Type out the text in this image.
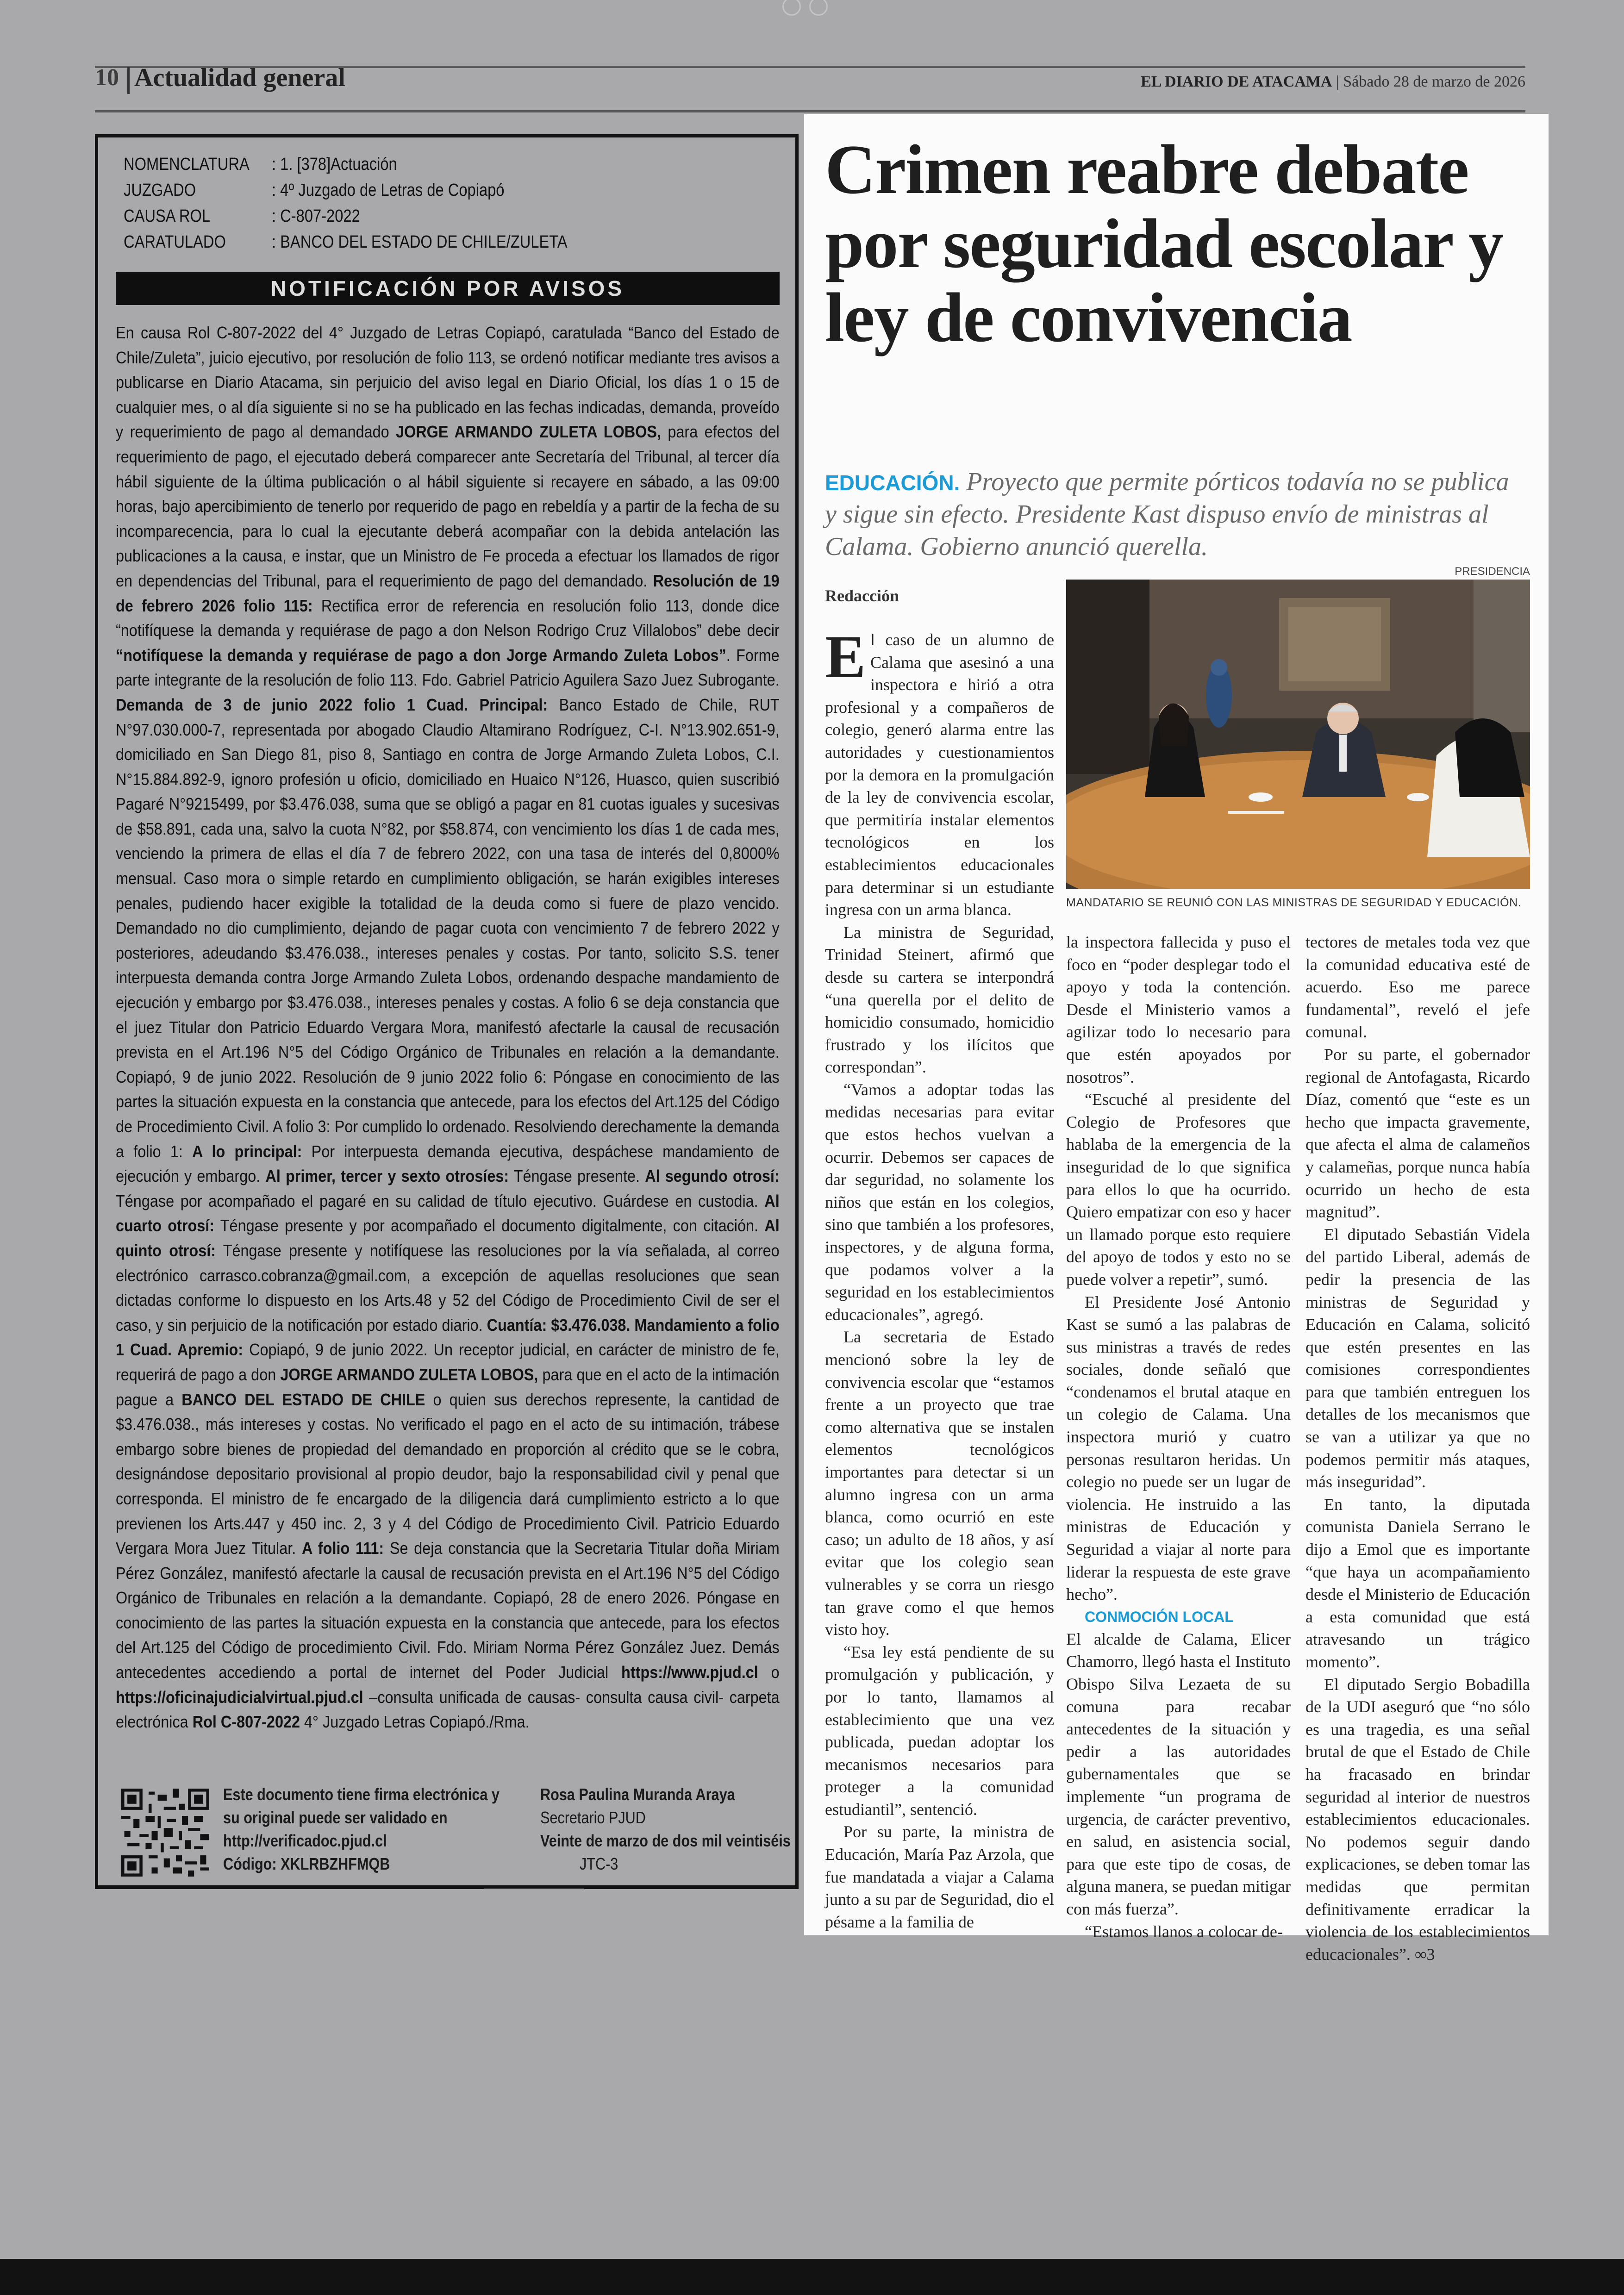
10 Actualidad general	EL DIARIO DE ATACAMA | Sábado 28 de marzo de 2026
NOMENCLATURA : 1. [378]Actuación
JUZGADO	: 4º Juzgado de Letras de Copiapó
CAUSA ROL	: C-807-2022
CARATULADO	: BANCO DEL ESTADO DE CHILE/ZULETA
NOTIFICACIÓN POR AVISOS
En causa Rol C-807-2022 del 4° Juzgado de Letras Copiapó, caratulada “Banco del Estado de Chile/Zuleta”, juicio ejecutivo, por resolución de folio 113, se ordenó notificar mediante tres avisos a publicarse en Diario Atacama, sin perjuicio del aviso legal en Diario Oficial, los días 1 o 15 de cualquier mes, o al día siguiente si no se ha publicado en las fechas indicadas, demanda, proveído y requerimiento de pago al demandado JORGE ARMANDO ZULETA LOBOS, para efectos del requerimiento de pago, el ejecutado deberá comparecer ante Secretaría del Tribunal, al tercer día hábil siguiente de la última publicación o al hábil siguiente si recayere en sábado, a las 09:00 horas, bajo apercibimiento de tenerlo por requerido de pago en rebeldía y a partir de la fecha de su incomparecencia, para lo cual la ejecutante deberá acompañar con la debida antelación las publicaciones a la causa, e instar, que un Ministro de Fe proceda a efectuar los llamados de rigor en dependencias del Tribunal, para el requerimiento de pago del demandado. Resolución de 19 de febrero 2026 folio 115: Rectifica error de referencia en resolución folio 113, donde dice “notifíquese la demanda y requiérase de pago a don Nelson Rodrigo Cruz Villalobos” debe decir “notifíquese la demanda y requiérase de pago a don Jorge Armando Zuleta Lobos”. Forme parte integrante de la resolución de folio 113. Fdo. Gabriel Patricio Aguilera Sazo Juez Subrogante. Demanda de 3 de junio 2022 folio 1 Cuad. Principal: Banco Estado de Chile, RUT N°97.030.000-7, representada por abogado Claudio Altamirano Rodríguez, C-I. N°13.902.651-9, domiciliado en San Diego 81, piso 8, Santiago en contra de Jorge Armando Zuleta Lobos, C.I. N°15.884.892-9, ignoro profesión u oficio, domiciliado en Huaico N°126, Huasco, quien suscribió Pagaré N°9215499, por $3.476.038, suma que se obligó a pagar en 81 cuotas iguales y sucesivas de $58.891, cada una, salvo la cuota N°82, por $58.874, con vencimiento los días 1 de cada mes, venciendo la primera de ellas el día 7 de febrero 2022, con una tasa de interés del 0,8000% mensual. Caso mora o simple retardo en cumplimiento obligación, se harán exigibles intereses penales, pudiendo hacer exigible la totalidad de la deuda como si fuere de plazo vencido. Demandado no dio cumplimiento, dejando de pagar cuota con vencimiento 7 de febrero 2022 y posteriores, adeudando $3.476.038., intereses penales y costas. Por tanto, solicito S.S. tener interpuesta demanda contra Jorge Armando Zuleta Lobos, ordenando despache mandamiento de ejecución y embargo por $3.476.038., intereses penales y costas. A folio 6 se deja constancia que el juez Titular don Patricio Eduardo Vergara Mora, manifestó afectarle la causal de recusación prevista en el Art.196 N°5 del Código Orgánico de Tribunales en relación a la demandante. Copiapó, 9 de junio 2022. Resolución de 9 junio 2022 folio 6: Póngase en conocimiento de las partes la situación expuesta en la constancia que antecede, para los efectos del Art.125 del Código de Procedimiento Civil. A folio 3: Por cumplido lo ordenado. Resolviendo derechamente la demanda a folio 1: A lo principal: Por interpuesta demanda ejecutiva, despáchese mandamiento de ejecución y embargo. Al primer, tercer y sexto otrosíes: Téngase presente. Al segundo otrosí: Téngase por acompañado el pagaré en su calidad de título ejecutivo. Guárdese en custodia. Al cuarto otrosí: Téngase presente y por acompañado el documento digitalmente, con citación. Al quinto otrosí: Téngase presente y notifíquese las resoluciones por la vía señalada, al correo electrónico carrasco.cobranza@gmail.com, a excepción de aquellas resoluciones que sean dictadas conforme lo dispuesto en los Arts.48 y 52 del Código de Procedimiento Civil de ser el caso, y sin perjuicio de la notificación por estado diario. Cuantía: $3.476.038. Mandamiento a folio 1 Cuad. Apremio: Copiapó, 9 de junio 2022. Un receptor judicial, en carácter de ministro de fe, requerirá de pago a don JORGE ARMANDO ZULETA LOBOS, para que en el acto de la intimación pague a BANCO DEL ESTADO DE CHILE o quien sus derechos represente, la cantidad de $3.476.038., más intereses y costas. No verificado el pago en el acto de su intimación, trábese embargo sobre bienes de propiedad del demandado en proporción al crédito que se le cobra, designándose depositario provisional al propio deudor, bajo la responsabilidad civil y penal que corresponda. El ministro de fe encargado de la diligencia dará cumplimiento estricto a lo que previenen los Arts.447 y 450 inc. 2, 3 y 4 del Código de Procedimiento Civil. Patricio Eduardo Vergara Mora Juez Titular. A folio 111: Se deja constancia que la Secretaria Titular doña Miriam Pérez González, manifestó afectarle la causal de recusación prevista en el Art.196 N°5 del Código Orgánico de Tribunales en relación a la demandante. Copiapó, 28 de enero 2026. Póngase en conocimiento de las partes la situación expuesta en la constancia que antecede, para los efectos del Art.125 del Código de procedimiento Civil. Fdo. Miriam Norma Pérez González Juez. Demás antecedentes accediendo a portal de internet del Poder Judicial https://www.pjud.cl o https://oficinajudicialvirtual.pjud.cl –consulta unificada de causas- consulta causa civil- carpeta electrónica Rol C-807-2022 4° Juzgado Letras Copiapó./Rma.
Este documento tiene firma electrónica y
su original puede ser validado en
http://verificadoc.pjud.cl
Código: XKLRBZHFMQB
Rosa Paulina Muranda Araya
Secretario PJUD
Veinte de marzo de dos mil veintiséis
JTC-3
Crimen reabre debate por seguridad escolar y ley de convivencia
EDUCACIÓN. Proyecto que permite pórticos todavía no se publica y sigue sin efecto. Presidente Kast dispuso envío de ministras al Calama. Gobierno anunció querella.
PRESIDENCIA
Redacción
MANDATARIO SE REUNIÓ CON LAS MINISTRAS DE SEGURIDAD Y EDUCACIÓN.

El caso de un alumno de Calama que asesinó a una inspectora e hirió a otra profesional y a compañeros de colegio, generó alarma entre las autoridades y cuestionamientos por la demora en la promulgación de la ley de convivencia escolar, que permitiría instalar elementos tecnológicos en los establecimientos educacionales para determinar si un estudiante ingresa con un arma blanca.

La ministra de Seguridad, Trinidad Steinert, afirmó que desde su cartera se interpondrá “una querella por el delito de homicidio consumado, homicidio frustrado y los ilícitos que correspondan”.

“Vamos a adoptar todas las medidas necesarias para evitar que estos hechos vuelvan a ocurrir. Debemos ser capaces de dar seguridad, no solamente los niños que están en los colegios, sino que también a los profesores, inspectores, y de alguna forma, que podamos volver a la seguridad en los establecimientos educacionales”, agregó.

La secretaria de Estado mencionó sobre la ley de convivencia escolar que “estamos frente a un proyecto que trae como alternativa que se instalen elementos tecnológicos importantes para detectar si un alumno ingresa con un arma blanca, como ocurrió en este caso; un adulto de 18 años, y así evitar que los colegio sean vulnerables y se corra un riesgo tan grave como el que hemos visto hoy.

“Esa ley está pendiente de su promulgación y publicación, y por lo tanto, llamamos al establecimiento que una vez publicada, puedan adoptar los mecanismos necesarios para proteger a la comunidad estudiantil”, sentenció.

Por su parte, la ministra de Educación, María Paz Arzola, que fue mandatada a viajar a Calama junto a su par de Seguridad, dio el pésame a la familia de

la inspectora fallecida y puso el foco en “poder desplegar todo el apoyo y toda la contención. Desde el Ministerio vamos a agilizar todo lo necesario para que estén apoyados por nosotros”.

“Escuché al presidente del Colegio de Profesores que hablaba de la emergencia de la inseguridad de lo que significa para ellos lo que ha ocurrido. Quiero empatizar con eso y hacer un llamado porque esto requiere del apoyo de todos y esto no se puede volver a repetir”, sumó.

El Presidente José Antonio Kast se sumó a las palabras de sus ministras a través de redes sociales, donde señaló que “condenamos el brutal ataque en un colegio de Calama. Una inspectora murió y cuatro personas resultaron heridas. Un colegio no puede ser un lugar de violencia. He instruido a las ministras de Educación y Seguridad a viajar al norte para liderar la respuesta de este grave hecho”.

CONMOCIÓN LOCAL

El alcalde de Calama, Elicer Chamorro, llegó hasta el Instituto Obispo Silva Lezaeta de su comuna para recabar antecedentes de la situación y pedir a las autoridades gubernamentales que se implemente “un programa de urgencia, de carácter preventivo, en salud, en asistencia social, para que este tipo de cosas, de alguna manera, se puedan mitigar con más fuerza”.

“Estamos llanos a colocar de-

tectores de metales toda vez que la comunidad educativa esté de acuerdo. Eso me parece fundamental”, reveló el jefe comunal.

Por su parte, el gobernador regional de Antofagasta, Ricardo Díaz, comentó que “este es un hecho que impacta gravemente, que afecta el alma de calameños y calameñas, porque nunca había ocurrido un hecho de esta magnitud”.

El diputado Sebastián Videla del partido Liberal, además de pedir la presencia de las ministras de Seguridad y Educación en Calama, solicitó que estén presentes en las comisiones correspondientes para que también entreguen los detalles de los mecanismos que se van a utilizar ya que no podemos permitir más ataques, más inseguridad”.

En tanto, la diputada comunista Daniela Serrano le dijo a Emol que es importante “que haya un acompañamiento desde el Ministerio de Educación a esta comunidad que está atravesando un trágico momento”.

El diputado Sergio Bobadilla de la UDI aseguró que “no sólo es una tragedia, es una señal brutal de que el Estado de Chile ha fracasado en brindar seguridad al interior de nuestros establecimientos educacionales. No podemos seguir dando explicaciones, se deben tomar las medidas que permitan definitivamente erradicar la violencia de los establecimientos educacionales”. ∞3
